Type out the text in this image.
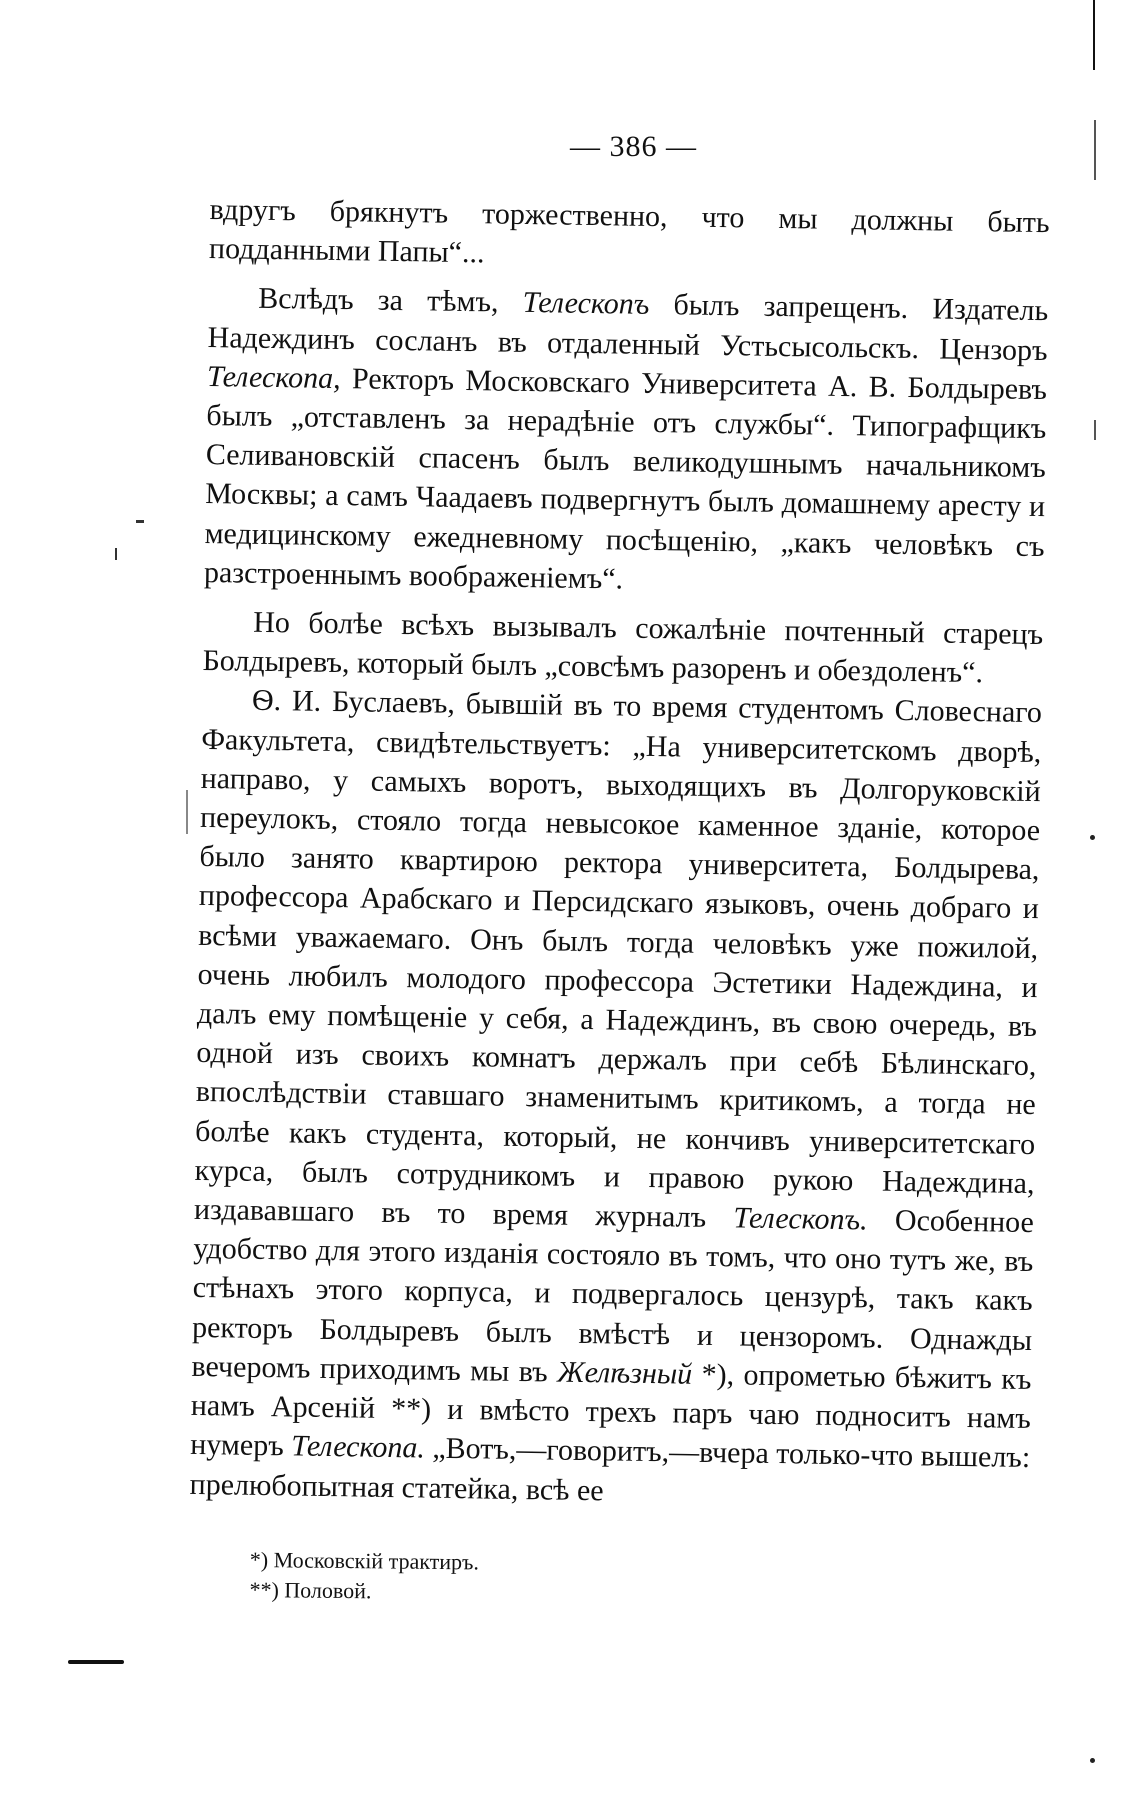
— 386 —

вдругъ брякнутъ торжественно, что мы должны быть подданными Папы“...

Вслѣдъ за тѣмъ, Телескопъ былъ запрещенъ. Издатель Надеждинъ сосланъ въ отдаленный Устьсысольскъ. Цензоръ Телескопа, Ректоръ Московскаго Университета А. В. Болдыревъ былъ „отставленъ за нерадѣніе отъ службы“. Типографщикъ Селивановскій спасенъ былъ великодушнымъ начальникомъ Москвы; а самъ Чаадаевъ подвергнутъ былъ домашнему аресту и медицинскому ежедневному посѣщенію, „какъ человѣкъ съ разстроеннымъ воображеніемъ“.

Но болѣе всѣхъ вызывалъ сожалѣніе почтенный старецъ Болдыревъ, который былъ „совсѣмъ разоренъ и обездоленъ“.

Ѳ. И. Буслаевъ, бывшій въ то время студентомъ Словеснаго Факультета, свидѣтельствуетъ: „На университетскомъ дворѣ, направо, у самыхъ воротъ, выходящихъ въ Долгоруковскій переулокъ, стояло тогда невысокое каменное зданіе, которое было занято квартирою ректора университета, Болдырева, профессора Арабскаго и Персидскаго языковъ, очень добраго и всѣми уважаемаго. Онъ былъ тогда человѣкъ уже пожилой, очень любилъ молодого профессора Эстетики Надеждина, и далъ ему помѣщеніе у себя, а Надеждинъ, въ свою очередь, въ одной изъ своихъ комнатъ держалъ при себѣ Бѣлинскаго, впослѣдствіи ставшаго знаменитымъ критикомъ, а тогда не болѣе какъ студента, который, не кончивъ университетскаго курса, былъ сотрудникомъ и правою рукою Надеждина, издававшаго въ то время журналъ Телескопъ. Особенное удобство для этого изданія состояло въ томъ, что оно тутъ же, въ стѣнахъ этого корпуса, и подвергалось цензурѣ, такъ какъ ректоръ Болдыревъ былъ вмѣстѣ и цензоромъ. Однажды вечеромъ приходимъ мы въ Желѣзный *), опрометью бѣжитъ къ намъ Арсеній **) и вмѣсто трехъ паръ чаю подноситъ намъ нумеръ Телескопа. „Вотъ,—говоритъ,—вчера только-что вышелъ: прелюбопытная статейка, всѣ ее

*) Московскій трактиръ.

**) Половой.
